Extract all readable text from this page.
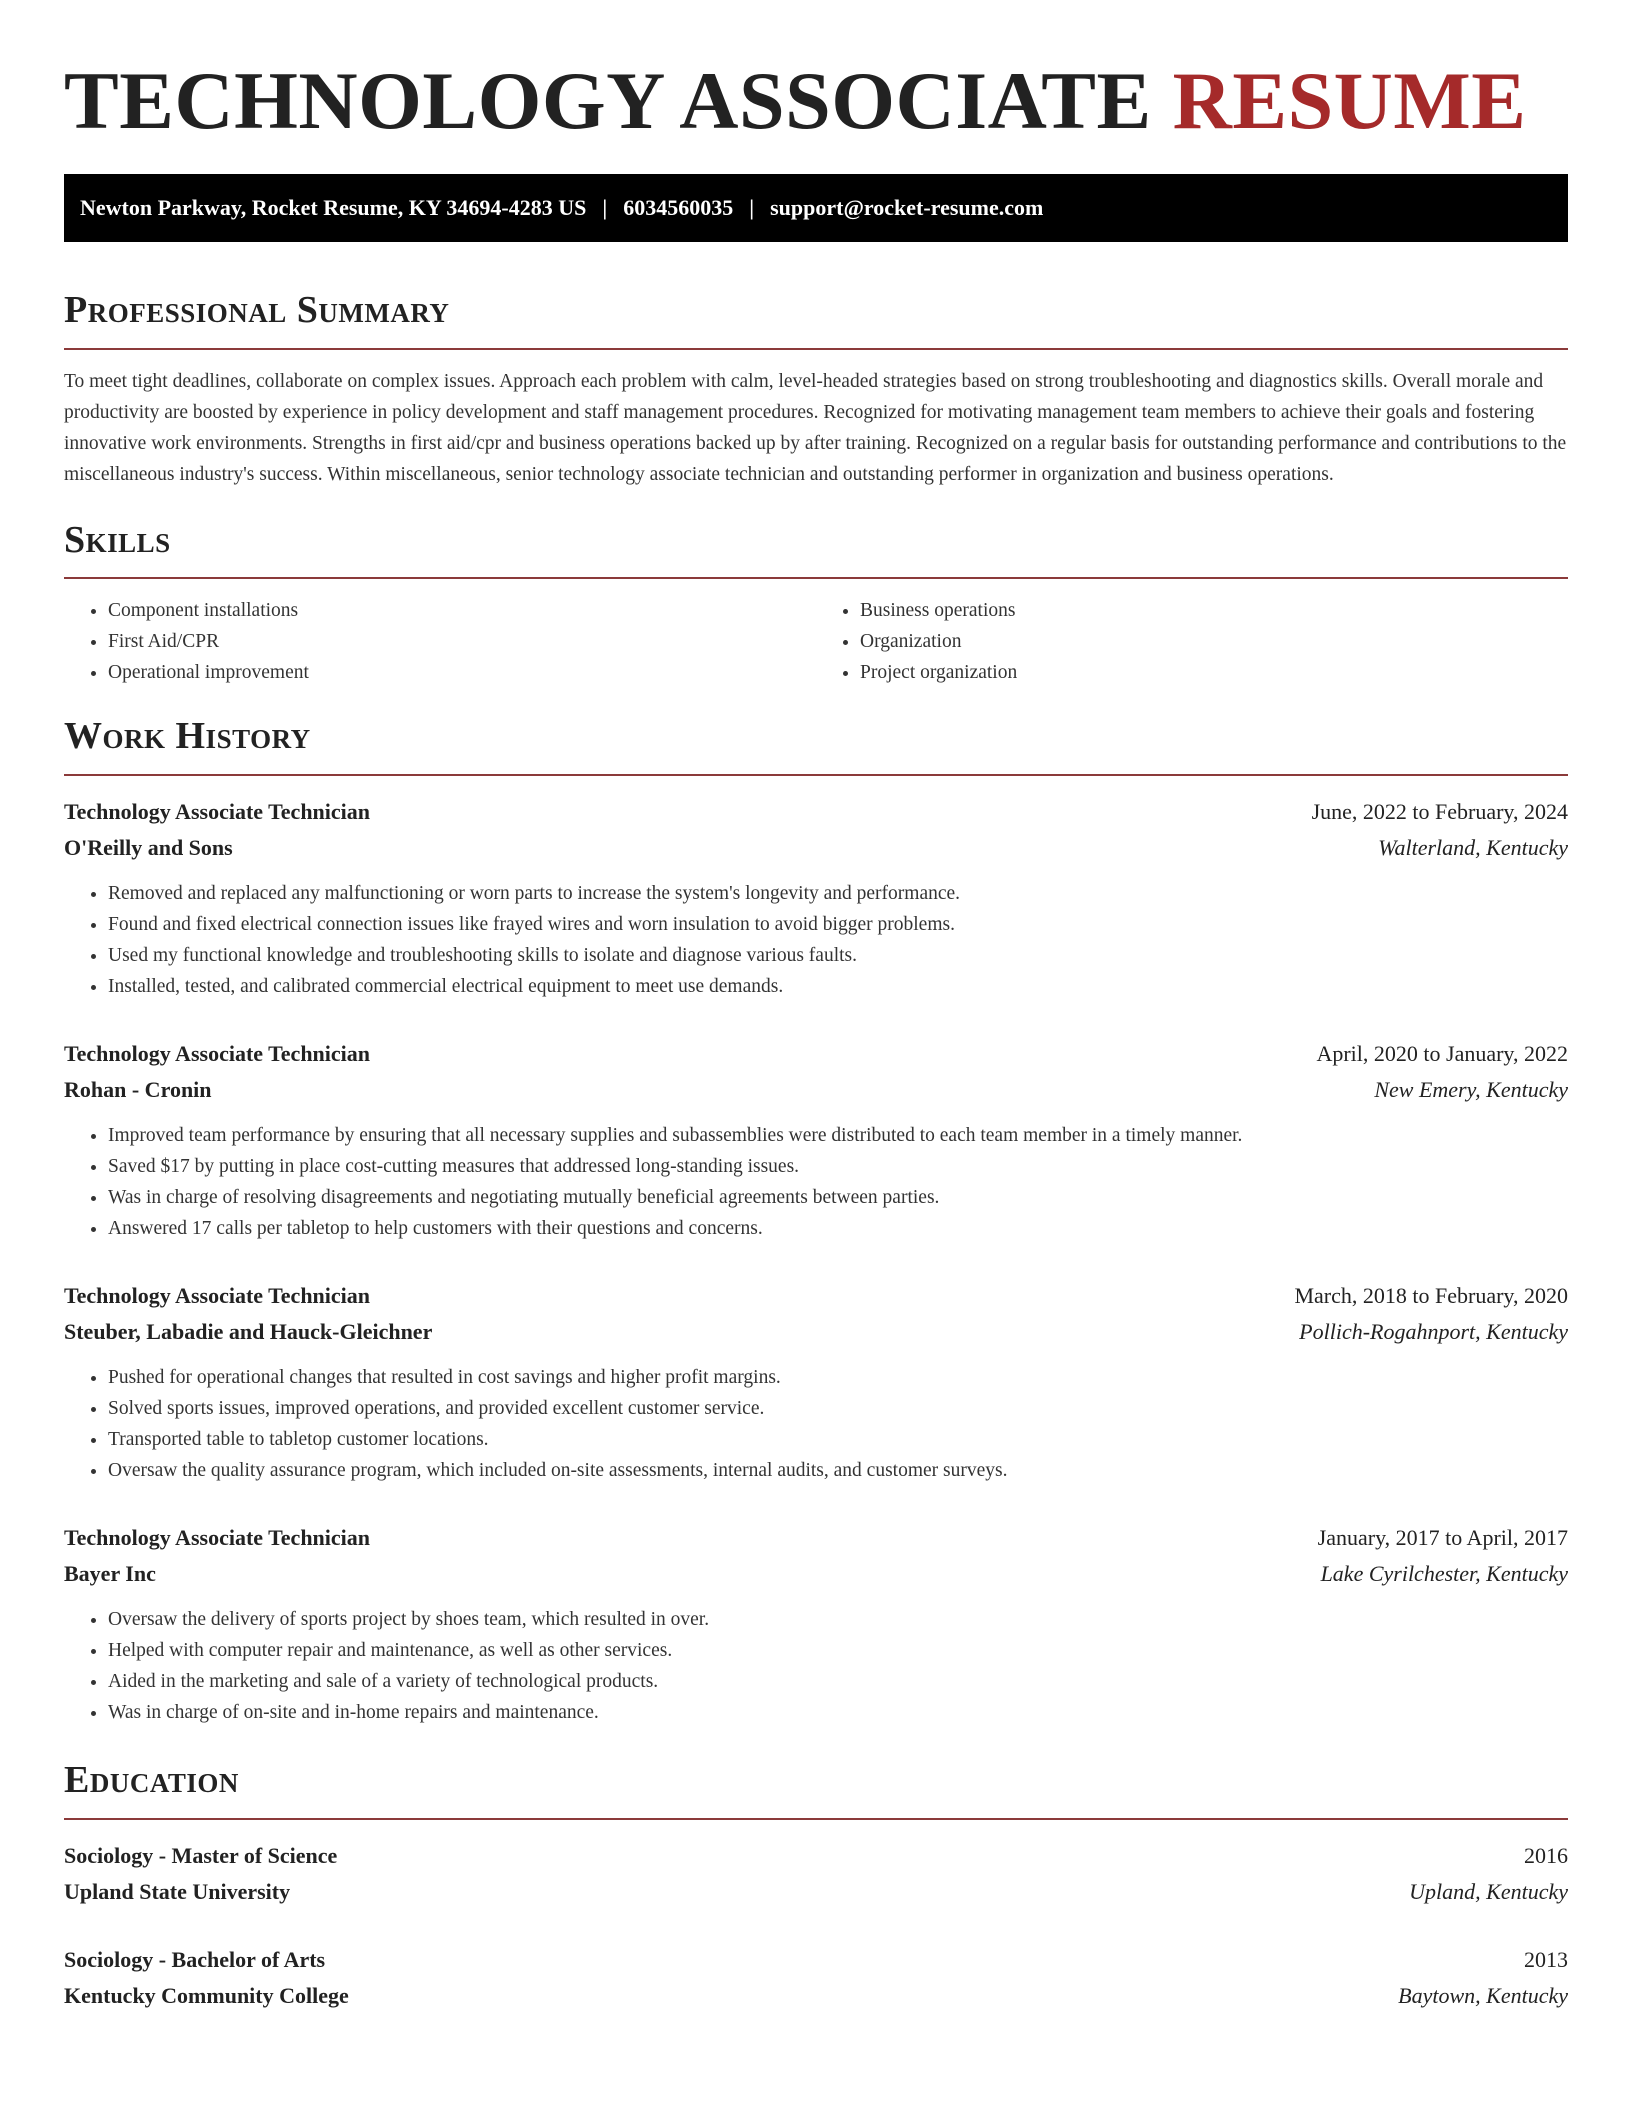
TECHNOLOGY ASSOCIATE RESUME
Newton Parkway, Rocket Resume, KY 34694-4283 US | 6034560035 | support@rocket-resume.com
Professional Summary

To meet tight deadlines, collaborate on complex issues. Approach each problem with calm, level-headed strategies based on strong troubleshooting and diagnostics skills. Overall morale and productivity are boosted by experience in policy development and staff management procedures. Recognized for motivating management team members to achieve their goals and fostering innovative work environments. Strengths in first aid/cpr and business operations backed up by after training. Recognized on a regular basis for outstanding performance and contributions to the miscellaneous industry's success. Within miscellaneous, senior technology associate technician and outstanding performer in organization and business operations.

Skills
• Component installations
• First Aid/CPR
• Operational improvement
• Business operations
• Organization
• Project organization
Work History
Technology Associate Technician	June, 2022 to February, 2024
O'Reilly and Sons	Walterland, Kentucky
• Removed and replaced any malfunctioning or worn parts to increase the system's longevity and performance.
• Found and fixed electrical connection issues like frayed wires and worn insulation to avoid bigger problems.
• Used my functional knowledge and troubleshooting skills to isolate and diagnose various faults.
• Installed, tested, and calibrated commercial electrical equipment to meet use demands.
Technology Associate Technician	April, 2020 to January, 2022
Rohan - Cronin	New Emery, Kentucky
• Improved team performance by ensuring that all necessary supplies and subassemblies were distributed to each team member in a timely manner.
• Saved $17 by putting in place cost-cutting measures that addressed long-standing issues.
• Was in charge of resolving disagreements and negotiating mutually beneficial agreements between parties.
• Answered 17 calls per tabletop to help customers with their questions and concerns.
Technology Associate Technician	March, 2018 to February, 2020
Steuber, Labadie and Hauck-Gleichner	Pollich-Rogahnport, Kentucky
• Pushed for operational changes that resulted in cost savings and higher profit margins.
• Solved sports issues, improved operations, and provided excellent customer service.
• Transported table to tabletop customer locations.
• Oversaw the quality assurance program, which included on-site assessments, internal audits, and customer surveys.
Technology Associate Technician	January, 2017 to April, 2017
Bayer Inc	Lake Cyrilchester, Kentucky
• Oversaw the delivery of sports project by shoes team, which resulted in over.
• Helped with computer repair and maintenance, as well as other services.
• Aided in the marketing and sale of a variety of technological products.
• Was in charge of on-site and in-home repairs and maintenance.
Education
Sociology - Master of Science	2016
Upland State University	Upland, Kentucky
Sociology - Bachelor of Arts	2013
Kentucky Community College	Baytown, Kentucky
